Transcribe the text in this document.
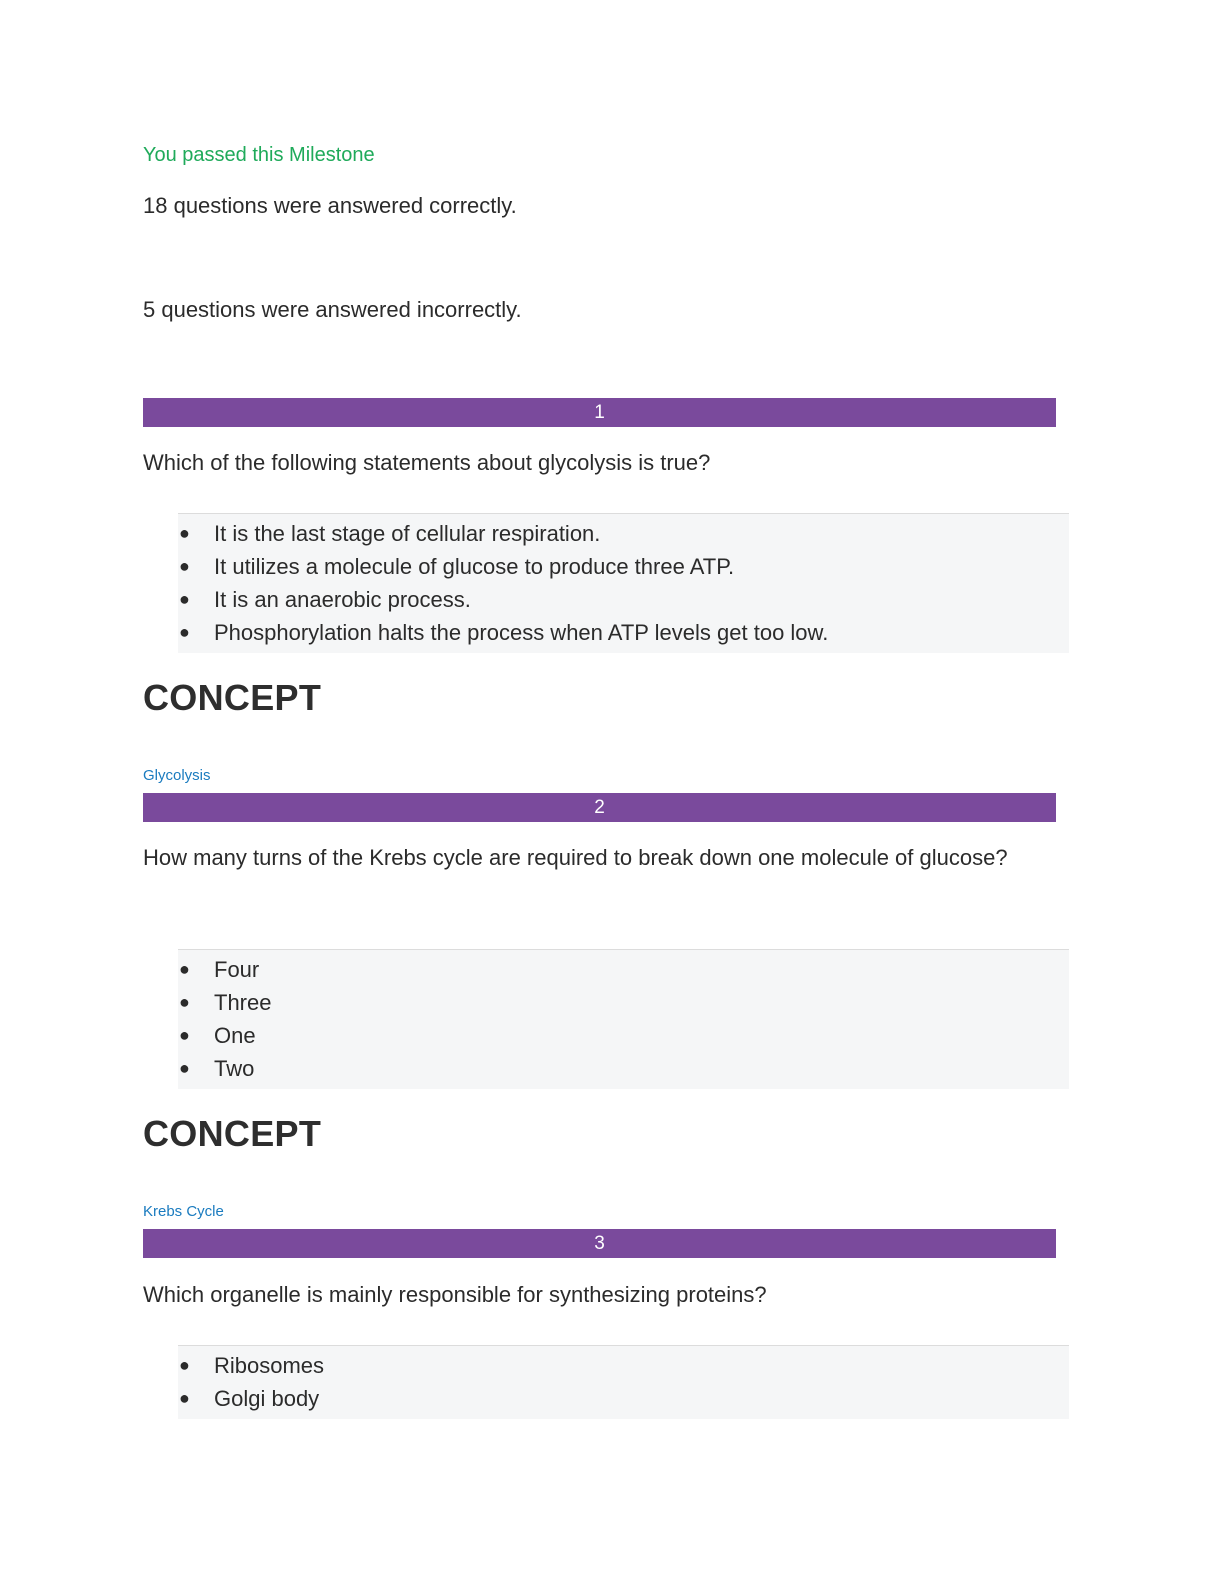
You passed this Milestone
18 questions were answered correctly.
5 questions were answered incorrectly.
1
Which of the following statements about glycolysis is true?
● It is the last stage of cellular respiration.
● It utilizes a molecule of glucose to produce three ATP.
● It is an anaerobic process.
● Phosphorylation halts the process when ATP levels get too low.
CONCEPT
Glycolysis
2
How many turns of the Krebs cycle are required to break down one molecule of glucose?
● Four
● Three
● One
● Two
CONCEPT
Krebs Cycle
3
Which organelle is mainly responsible for synthesizing proteins?
● Ribosomes
● Golgi body
